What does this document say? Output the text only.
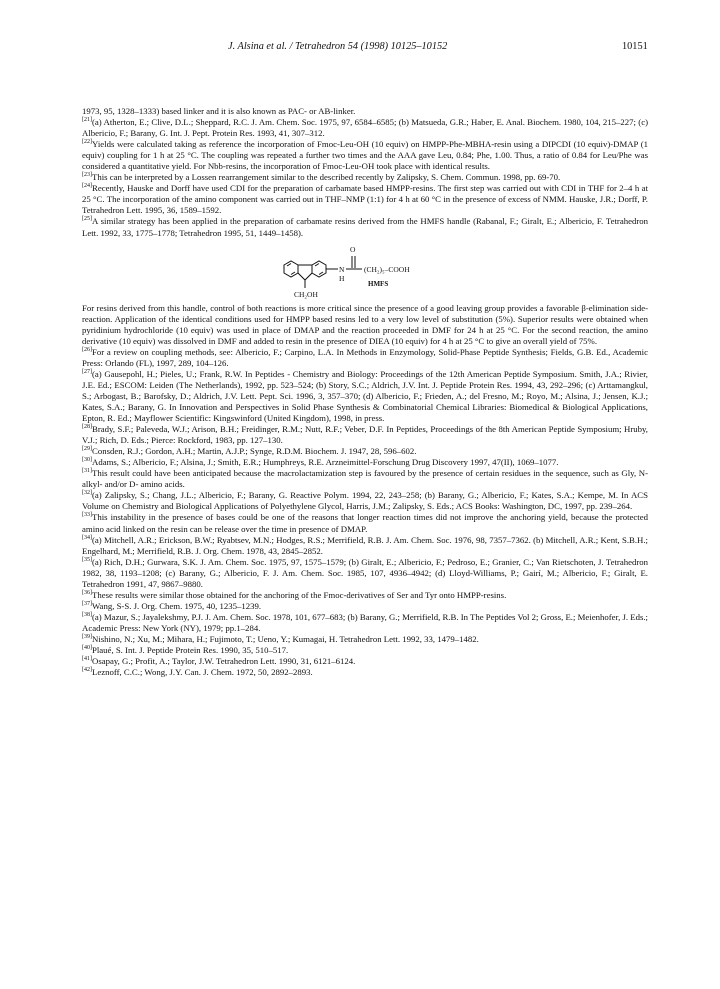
J. Alsina et al. / Tetrahedron 54 (1998) 10125–10152	10151

1973, 95, 1328–1333) based linker and it is also known as PAC- or AB-linker.

[21](a) Atherton, E.; Clive, D.L.; Sheppard, R.C. J. Am. Chem. Soc. 1975, 97, 6584–6585; (b) Matsueda, G.R.; Haber, E. Anal. Biochem. 1980, 104, 215–227; (c) Albericio, F.; Barany, G. Int. J. Pept. Protein Res. 1993, 41, 307–312.

[22]Yields were calculated taking as reference the incorporation of Fmoc-Leu-OH (10 equiv) on HMPP-Phe-MBHA-resin using a DIPCDI (10 equiv)-DMAP (1 equiv) coupling for 1 h at 25 °C. The coupling was repeated a further two times and the AAA gave Leu, 0.84; Phe, 1.00. Thus, a ratio of 0.84 for Leu/Phe was considered a quantitative yield. For Nbb-resins, the incorporation of Fmoc-Leu-OH took place with identical results.

[23]This can be interpreted by a Lossen rearrangement similar to the described recently by Zalipsky, S. Chem. Commun. 1998, pp. 69-70.

[24]Recently, Hauske and Dorff have used CDI for the preparation of carbamate based HMPP-resins. The first step was carried out with CDI in THF for 2–4 h at 25 °C. The incorporation of the amino component was carried out in THF–NMP (1:1) for 4 h at 60 °C in the presence of excess of NMM. Hauske, J.R.; Dorff, P. Tetrahedron Lett. 1995, 36, 1589–1592.

[25]A similar strategy has been applied in the preparation of carbamate resins derived from the HMFS handle (Rabanal, F.; Giralt, E.; Albericio, F. Tetrahedron Lett. 1992, 33, 1775–1778; Tetrahedron 1995, 51, 1449–1458).

O
N
H
(CH₂)₅–COOH
CH₂OH
HMFS

For resins derived from this handle, control of both reactions is more critical since the presence of a good leaving group provides a favorable β-elimination side-reaction. Application of the identical conditions used for HMPP based resins led to a very low level of substitution (5%). Superior results were obtained when pyridinium hydrochloride (10 equiv) was used in place of DMAP and the reaction proceeded in DMF for 24 h at 25 °C. For the second reaction, the amino derivative (10 equiv) was dissolved in DMF and added to resin in the presence of DIEA (10 equiv) for 4 h at 25 °C to give an overall yield of 75%.

[26]For a review on coupling methods, see: Albericio, F.; Carpino, L.A. In Methods in Enzymology, Solid-Phase Peptide Synthesis; Fields, G.B. Ed., Academic Press: Orlando (FL), 1997, 289, 104–126.

[27](a) Gausepohl, H.; Pieles, U.; Frank, R.W. In Peptides - Chemistry and Biology: Proceedings of the 12th American Peptide Symposium. Smith, J.A.; Rivier, J.E. Ed.; ESCOM: Leiden (The Netherlands), 1992, pp. 523–524; (b) Story, S.C.; Aldrich, J.V. Int. J. Peptide Protein Res. 1994, 43, 292–296; (c) Arttamangkul, S.; Arbogast, B.; Barofsky, D.; Aldrich, J.V. Lett. Pept. Sci. 1996, 3, 357–370; (d) Albericio, F.; Frieden, A.; del Fresno, M.; Royo, M.; Alsina, J.; Jensen, K.J.; Kates, S.A.; Barany, G. In Innovation and Perspectives in Solid Phase Synthesis & Combinatorial Chemical Libraries: Biomedical & Biological Applications, Epton, R. Ed.; Mayflower Scientific: Kingswinford (United Kingdom), 1998, in press.

[28]Brady, S.F.; Paleveda, W.J.; Arison, B.H.; Freidinger, R.M.; Nutt, R.F.; Veber, D.F. In Peptides, Proceedings of the 8th American Peptide Symposium; Hruby, V.J.; Rich, D. Eds.; Pierce: Rockford, 1983, pp. 127–130.

[29]Consden, R.J.; Gordon, A.H.; Martin, A.J.P.; Synge, R.D.M. Biochem. J. 1947, 28, 596–602.

[30]Adams, S.; Albericio, F.; Alsina, J.; Smith, E.R.; Humphreys, R.E. Arzneimittel-Forschung Drug Discovery 1997, 47(II), 1069–1077.

[31]This result could have been anticipated because the macrolactamization step is favoured by the presence of certain residues in the sequence, such as Gly, N-alkyl- and/or D- amino acids.

[32](a) Zalipsky, S.; Chang, J.L.; Albericio, F.; Barany, G. Reactive Polym. 1994, 22, 243–258; (b) Barany, G.; Albericio, F.; Kates, S.A.; Kempe, M. In ACS Volume on Chemistry and Biological Applications of Polyethylene Glycol, Harris, J.M.; Zalipsky, S. Eds.; ACS Books: Washington, DC, 1997, pp. 239–264.

[33]This instability in the presence of bases could be one of the reasons that longer reaction times did not improve the anchoring yield, because the protected amino acid linked on the resin can be release over the time in presence of DMAP.

[34](a) Mitchell, A.R.; Erickson, B.W.; Ryabtsev, M.N.; Hodges, R.S.; Merrifield, R.B. J. Am. Chem. Soc. 1976, 98, 7357–7362. (b) Mitchell, A.R.; Kent, S.B.H.; Engelhard, M.; Merrifield, R.B. J. Org. Chem. 1978, 43, 2845–2852.

[35](a) Rich, D.H.; Gurwara, S.K. J. Am. Chem. Soc. 1975, 97, 1575–1579; (b) Giralt, E.; Albericio, F.; Pedroso, E.; Granier, C.; Van Rietschoten, J. Tetrahedron 1982, 38, 1193–1208; (c) Barany, G.; Albericio, F. J. Am. Chem. Soc. 1985, 107, 4936–4942; (d) Lloyd-Williams, P.; Gairí, M.; Albericio, F.; Giralt, E. Tetrahedron 1991, 47, 9867–9880.

[36]These results were similar those obtained for the anchoring of the Fmoc-derivatives of Ser and Tyr onto HMPP-resins.

[37]Wang, S-S. J. Org. Chem. 1975, 40, 1235–1239.

[38](a) Mazur, S.; Jayalekshmy, P.J. J. Am. Chem. Soc. 1978, 101, 677–683; (b) Barany, G.; Merrifield, R.B. In The Peptides Vol 2; Gross, E.; Meienhofer, J. Eds.; Academic Press: New York (NY), 1979; pp.1–284.

[39]Nishino, N.; Xu, M.; Mihara, H.; Fujimoto, T.; Ueno, Y.; Kumagai, H. Tetrahedron Lett. 1992, 33, 1479–1482.

[40]Plaué, S. Int. J. Peptide Protein Res. 1990, 35, 510–517.

[41]Osapay, G.; Profit, A.; Taylor, J.W. Tetrahedron Lett. 1990, 31, 6121–6124.

[42]Leznoff, C.C.; Wong, J.Y. Can. J. Chem. 1972, 50, 2892–2893.
